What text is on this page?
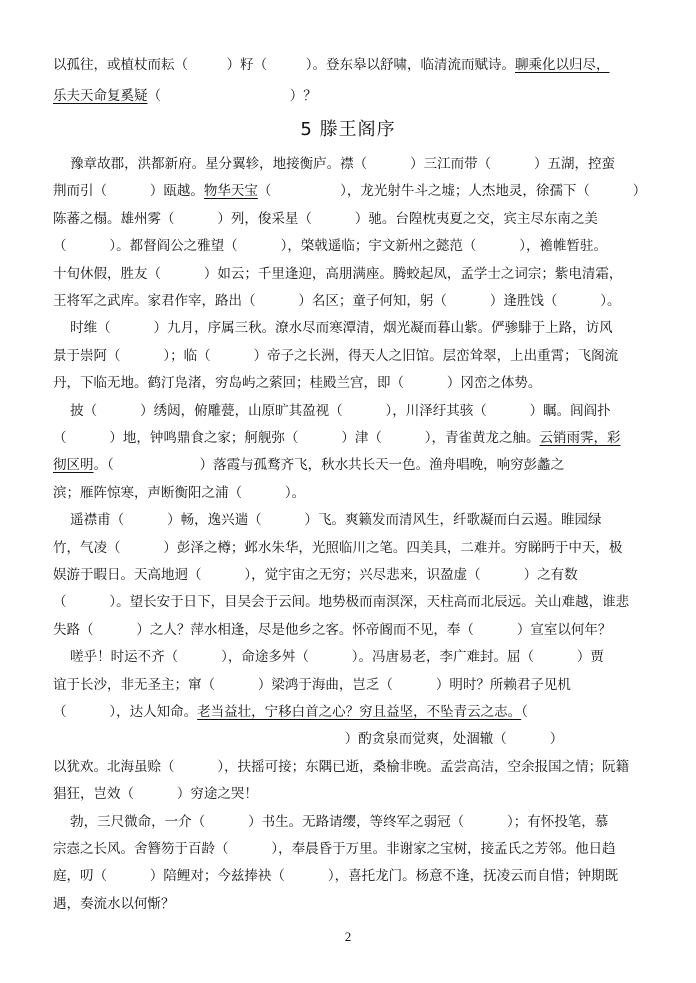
以孤往，或植杖而耘（         ）籽（         ）。登东皋以舒啸，临清流而赋诗。聊乘化以归尽，
乐夫天命复奚疑（                              ）？
5 滕王阁序
豫章故郡，洪都新府。星分翼轸，地接衡庐。襟（          ）三江而带（          ）五湖，控蛮
荆而引（          ）瓯越。物华天宝（                ），龙光射牛斗之墟；人杰地灵，徐孺下（          ）
陈蕃之榻。雄州雾（          ）列，俊采星（          ）驰。台隍枕夷夏之交，宾主尽东南之美
（          ）。都督阎公之雅望（          ），棨戟遥临；宇文新州之懿范（          ），襜帷暂驻。
十旬休假，胜友（          ）如云；千里逢迎，高朋满座。腾蛟起凤，孟学士之词宗；紫电清霜，
王将军之武库。家君作宰，路出（          ）名区；童子何知，躬（          ）逢胜饯（          ）。
时维（          ）九月，序属三秋。潦水尽而寒潭清，烟光凝而暮山紫。俨骖騑于上路，访风
景于崇阿（          ）；临（          ）帝子之长洲，得天人之旧馆。层峦耸翠，上出重霄；飞阁流
丹，下临无地。鹤汀凫渚，穷岛屿之萦回；桂殿兰宫，即（          ）冈峦之体势。
披（          ）绣闼，俯雕甍，山原旷其盈视（          ），川泽纡其骇（          ）瞩。闾阎扑
（          ）地，钟鸣鼎食之家；舸舰弥（          ）津（          ），青雀黄龙之舳。云销雨霁，彩
彻区明。（                    ）落霞与孤鹜齐飞，秋水共长天一色。渔舟唱晚，响穷彭蠡之
滨；雁阵惊寒，声断衡阳之浦（          ）。
遥襟甫（          ）畅，逸兴遄（          ）飞。爽籁发而清风生，纤歌凝而白云遏。睢园绿
竹，气凌（          ）彭泽之樽；邺水朱华，光照临川之笔。四美具，二难并。穷睇眄于中天，极
娱游于暇日。天高地迥（          ），觉宇宙之无穷；兴尽悲来，识盈虚（          ）之有数
（          ）。望长安于日下，目吴会于云间。地势极而南溟深，天柱高而北辰远。关山难越，谁悲
失路（          ）之人？萍水相逢，尽是他乡之客。怀帝阍而不见，奉（          ）宣室以何年？
嗟乎！时运不齐（          ），命途多舛（          ）。冯唐易老，李广难封。屈（          ）贾
谊于长沙，非无圣主；窜（          ）梁鸿于海曲，岂乏（          ）明时？所赖君子见机
（          ），达人知命。老当益壮，宁移白首之心？穷且益坚，不坠青云之志。（
）酌贪泉而觉爽，处涸辙（          ）
以犹欢。北海虽赊（          ），扶摇可接；东隅已逝，桑榆非晚。孟尝高洁，空余报国之情；阮籍
猖狂，岂效（          ）穷途之哭！
勃，三尺微命，一介（          ）书生。无路请缨，等终军之弱冠（          ）；有怀投笔，慕
宗悫之长风。舍簪笏于百龄（          ），奉晨昏于万里。非谢家之宝树，接孟氏之芳邻。他日趋
庭，叨（          ）陪鲤对；今兹捧袂（          ），喜托龙门。杨意不逢，抚凌云而自惜；钟期既
遇，奏流水以何惭？
2
